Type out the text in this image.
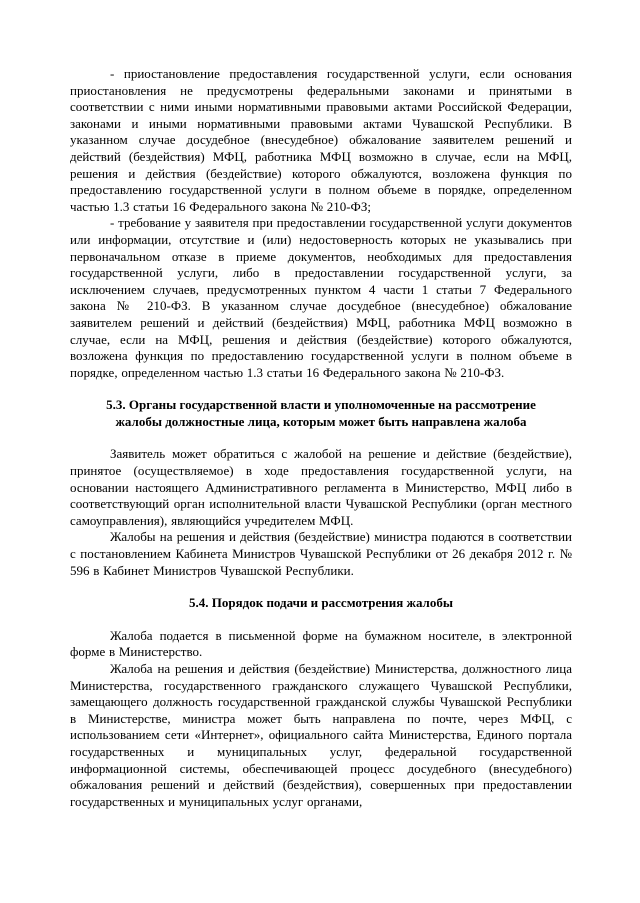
- приостановление предоставления государственной услуги, если основания приостановления не предусмотрены федеральными законами и принятыми в соответствии с ними иными нормативными правовыми актами Российской Федерации, законами и иными нормативными правовыми актами Чувашской Республики. В указанном случае досудебное (внесудебное) обжалование заявителем решений и действий (бездействия) МФЦ, работника МФЦ возможно в случае, если на МФЦ, решения и действия (бездействие) которого обжалуются, возложена функция по предоставлению государственной услуги в полном объеме в порядке, определенном частью 1.3 статьи 16 Федерального закона № 210-ФЗ;

- требование у заявителя при предоставлении государственной услуги документов или информации, отсутствие и (или) недостоверность которых не указывались при первоначальном отказе в приеме документов, необходимых для предоставления государственной услуги, либо в предоставлении государственной услуги, за исключением случаев, предусмотренных пунктом 4 части 1 статьи 7 Федерального закона № 210-ФЗ. В указанном случае досудебное (внесудебное) обжалование заявителем решений и действий (бездействия) МФЦ, работника МФЦ возможно в случае, если на МФЦ, решения и действия (бездействие) которого обжалуются, возложена функция по предоставлению государственной услуги в полном объеме в порядке, определенном частью 1.3 статьи 16 Федерального закона № 210-ФЗ.

5.3. Органы государственной власти и уполномоченные на рассмотрение жалобы должностные лица, которым может быть направлена жалоба

Заявитель может обратиться с жалобой на решение и действие (бездействие), принятое (осуществляемое) в ходе предоставления государственной услуги, на основании настоящего Административного регламента в Министерство, МФЦ либо в соответствующий орган исполнительной власти Чувашской Республики (орган местного самоуправления), являющийся учредителем МФЦ.

Жалобы на решения и действия (бездействие) министра подаются в соответствии с постановлением Кабинета Министров Чувашской Республики от 26 декабря 2012 г. № 596 в Кабинет Министров Чувашской Республики.

5.4. Порядок подачи и рассмотрения жалобы

Жалоба подается в письменной форме на бумажном носителе, в электронной форме в Министерство.

Жалоба на решения и действия (бездействие) Министерства, должностного лица Министерства, государственного гражданского служащего Чувашской Республики, замещающего должность государственной гражданской службы Чувашской Республики в Министерстве, министра может быть направлена по почте, через МФЦ, с использованием сети «Интернет», официального сайта Министерства, Единого портала государственных и муниципальных услуг, федеральной государственной информационной системы, обеспечивающей процесс досудебного (внесудебного) обжалования решений и действий (бездействия), совершенных при предоставлении государственных и муниципальных услуг органами,
